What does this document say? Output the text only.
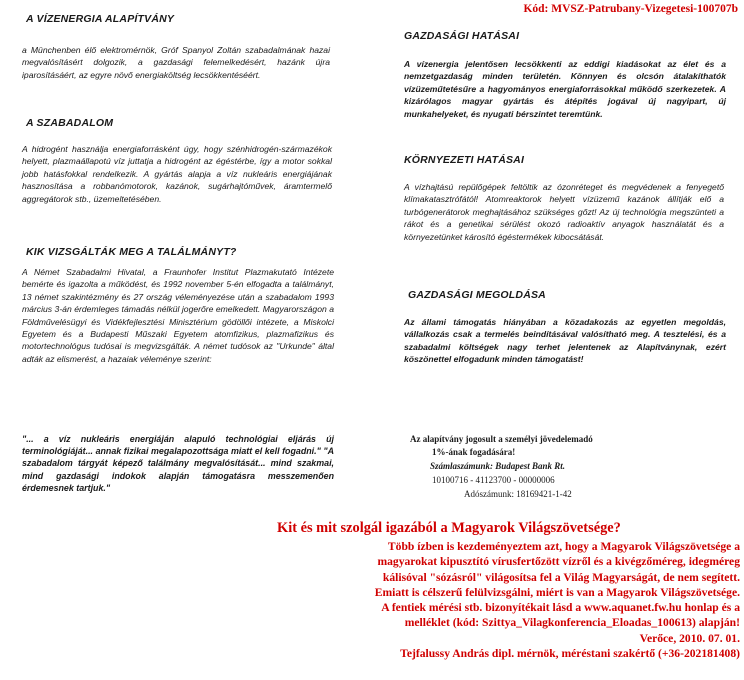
Kód: MVSZ-Patrubany-Vizegetesi-100707b
A VÍZENERGIA ALAPÍTVÁNY

a Münchenben élő elektromérnök, Gróf Spanyol Zoltán szabadalmának hazai megvalósításért dolgozik, a gazdasági felemelkedésért, hazánk újra iparosításáért, az egyre növő energiaköltség lecsökkentéséért.

A SZABADALOM

A hidrogént használja energiaforrásként úgy, hogy szénhidrogén-származékok helyett, plazmaállapotú víz juttatja a hidrogént az égéstérbe, így a motor sokkal jobb hatásfokkal rendelkezik. A gyártás alapja a víz nukleáris energiájának hasznosítása a robbanómotorok, kazánok, sugárhajtóművek, áramtermelő aggregátorok stb., üzemeltetésében.

KIK VIZSGÁLTÁK MEG A TALÁLMÁNYT?

A Német Szabadalmi Hivatal, a Fraunhofer Institut Plazmakutató Intézete bemérte és igazolta a működést, és 1992 november 5-én elfogadta a találmányt, 13 német szakintézmény és 27 ország véleményezése után a szabadalom 1993 március 3-án érdemleges támadás nélkül jogerőre emelkedett. Magyarországon a Földművelésügyi és Vidékfejlesztési Minisztérium gödöllői intézete, a Miskolci Egyetem és a Budapesti Műszaki Egyetem atomfizikus, plazmafizikus és motortechnológus tudósai is megvizsgálták. A német tudósok az "Urkunde" által adták az elismerést, a hazaiak véleménye szerint:

"... a víz nukleáris energiáján alapuló technológiai eljárás új terminológiáját... annak fizikai megalapozottsága miatt el kell fogadni." "A szabadalom tárgyát képező találmány megvalósítását... mind szakmai, mind gazdasági indokok alapján támogatásra messzemenően érdemesnek tartjuk."

GAZDASÁGI HATÁSAI

A vízenergia jelentősen lecsökkenti az eddigi kiadásokat az élet és a nemzetgazdaság minden területén. Könnyen és olcsón átalakíthatók vízüzeműtetésűre a hagyományos energiaforrásokkal működő szerkezetek. A kizárólagos magyar gyártás és átépítés jogával új nagyipart, új munkahelyeket, és nyugati bérszintet teremtünk.

KÖRNYEZETI HATÁSAI

A vízhajtású repülőgépek feltöltik az ózonréteget és megvédenek a fenyegető klímakatasztrófától! Atomreaktorok helyett vízüzemű kazánok állítják elő a turbógenerátorok meghajtásához szükséges gőzt! Az új technológia megszünteti a rákot és a genetikai sérülést okozó radioaktív anyagok használatát és a környezetünket károsító égéstermékek kibocsátását.

GAZDASÁGI MEGOLDÁSA

Az állami támogatás hiányában a közadakozás az egyetlen megoldás, vállalkozás csak a termelés beindításával valósítható meg. A tesztelési, és a szabadalmi költségek nagy terhet jelentenek az Alapítványnak, ezért köszönettel elfogadunk minden támogatást!

Az alapítvány jogosult a személyi jövedelemadó
1%-ának fogadására!
Számlaszámunk: Budapest Bank Rt.
10100716 - 41123700 - 00000006
Adószámunk: 18169421-1-42
Kit és mit szolgál igazából a Magyarok Világszövetsége?
Több ízben is kezdeményeztem azt, hogy a Magyarok Világszövetsége a
magyarokat kipusztító vírusfertőzött vízről és a kivégzőméreg, idegméreg
kálisóval "sózásról" világosítsa fel a Világ Magyarságát, de nem segített.
Emiatt is célszerű felülvizsgálni, miért is van a Magyarok Világszövetsége.
A fentiek mérési stb. bizonyítékait lásd a www.aquanet.fw.hu honlap és a
melléklet (kód: Szittya_Vilagkonferencia_Eloadas_100613) alapján!
Verőce, 2010. 07. 01.
Tejfalussy András dipl. mérnök, méréstani szakértő (+36-202181408)
